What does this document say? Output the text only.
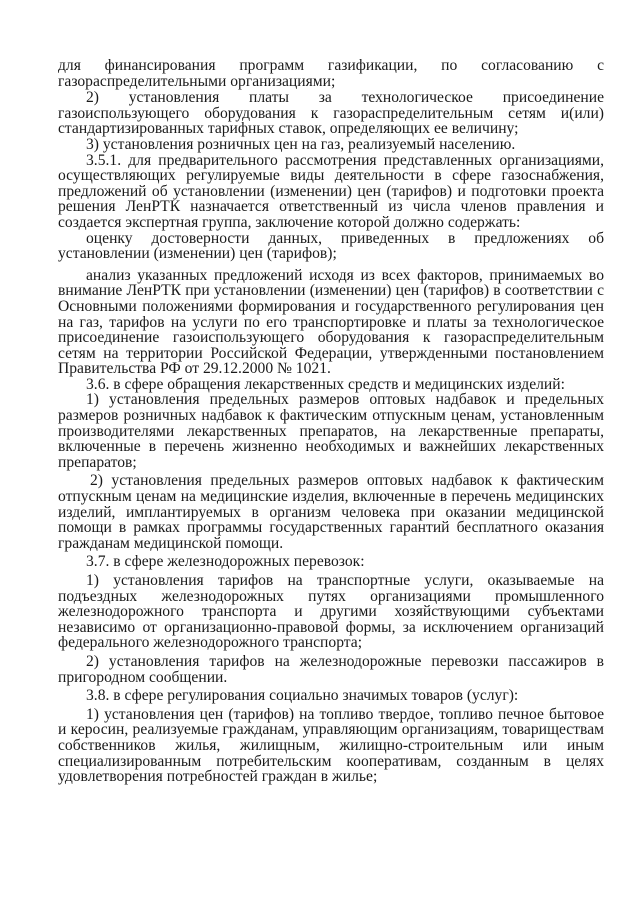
для финансирования программ газификации, по согласованию с газораспределительными организациями;

2) установления платы за технологическое присоединение газоиспользующего оборудования к газораспределительным сетям и(или) стандартизированных тарифных ставок, определяющих ее величину;

3) установления розничных цен на газ, реализуемый населению.

3.5.1. для предварительного рассмотрения представленных организациями, осуществляющих регулируемые виды деятельности в сфере газоснабжения, предложений об установлении (изменении) цен (тарифов) и подготовки проекта решения ЛенРТК назначается ответственный из числа членов правления и создается экспертная группа, заключение которой должно содержать:

оценку достоверности данных, приведенных в предложениях об установлении (изменении) цен (тарифов);

анализ указанных предложений исходя из всех факторов, принимаемых во внимание ЛенРТК при установлении (изменении) цен (тарифов) в соответствии с Основными положениями формирования и государственного регулирования цен на газ, тарифов на услуги по его транспортировке и платы за технологическое присоединение газоиспользующего оборудования к газораспределительным сетям на территории Российской Федерации, утвержденными постановлением Правительства РФ от 29.12.2000 № 1021.

3.6. в сфере обращения лекарственных средств и медицинских изделий:

1) установления предельных размеров оптовых надбавок и предельных размеров розничных надбавок к фактическим отпускным ценам, установленным производителями лекарственных препаратов, на лекарственные препараты, включенные в перечень жизненно необходимых и важнейших лекарственных препаратов;

2) установления предельных размеров оптовых надбавок к фактическим отпускным ценам на медицинские изделия, включенные в перечень медицинских изделий, имплантируемых в организм человека при оказании медицинской помощи в рамках программы государственных гарантий бесплатного оказания гражданам медицинской помощи.

3.7. в сфере железнодорожных перевозок:

1) установления тарифов на транспортные услуги, оказываемые на подъездных железнодорожных путях организациями промышленного железнодорожного транспорта и другими хозяйствующими субъектами независимо от организационно-правовой формы, за исключением организаций федерального железнодорожного транспорта;

2) установления тарифов на железнодорожные перевозки пассажиров в пригородном сообщении.

3.8. в сфере регулирования социально значимых товаров (услуг):

1) установления цен (тарифов) на топливо твердое, топливо печное бытовое и керосин, реализуемые гражданам, управляющим организациям, товариществам собственников жилья, жилищным, жилищно-строительным или иным специализированным потребительским кооперативам, созданным в целях удовлетворения потребностей граждан в жилье;
